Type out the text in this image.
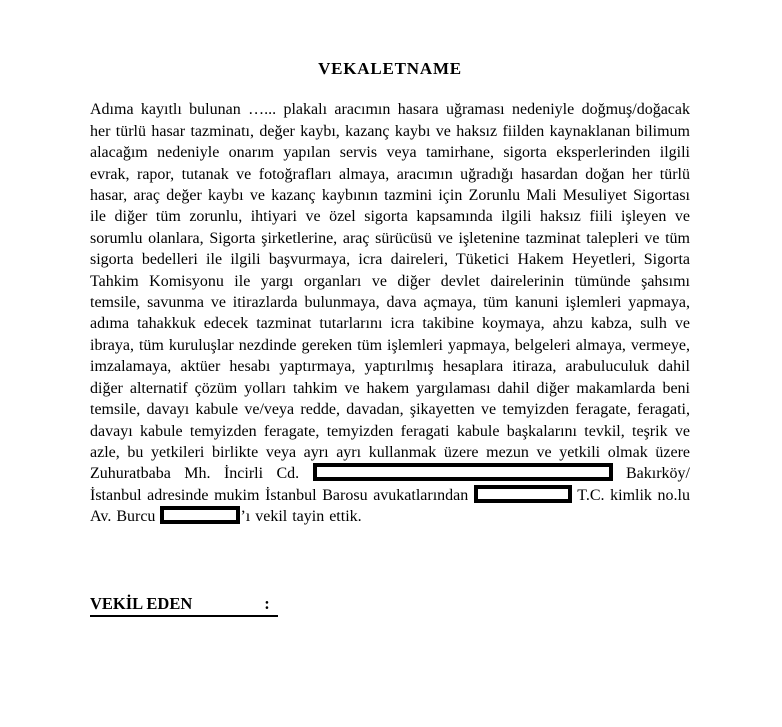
VEKALETNAME

Adıma kayıtlı bulunan …... plakalı aracımın hasara uğraması nedeniyle doğmuş/doğacak her türlü hasar tazminatı, değer kaybı, kazanç kaybı ve haksız fiilden kaynaklanan bilimum alacağım nedeniyle onarım yapılan servis veya tamirhane, sigorta eksperlerinden ilgili evrak, rapor, tutanak ve fotoğrafları almaya, aracımın uğradığı hasardan doğan her türlü hasar, araç değer kaybı ve kazanç kaybının tazmini için Zorunlu Mali Mesuliyet Sigortası ile diğer tüm zorunlu, ihtiyari ve özel sigorta kapsamında ilgili haksız fiili işleyen ve sorumlu olanlara, Sigorta şirketlerine, araç sürücüsü ve işletenine tazminat talepleri ve tüm sigorta bedelleri ile ilgili başvurmaya, icra daireleri, Tüketici Hakem Heyetleri, Sigorta Tahkim Komisyonu ile yargı organları ve diğer devlet dairelerinin tümünde şahsımı temsile, savunma ve itirazlarda bulunmaya, dava açmaya, tüm kanuni işlemleri yapmaya, adıma tahakkuk edecek tazminat tutarlarını icra takibine koymaya, ahzu kabza, sulh ve ibraya, tüm kuruluşlar nezdinde gereken tüm işlemleri yapmaya, belgeleri almaya, vermeye, imzalamaya, aktüer hesabı yaptırmaya, yaptırılmış hesaplara itiraza, arabuluculuk dahil diğer alternatif çözüm yolları tahkim ve hakem yargılaması dahil diğer makamlarda beni temsile, davayı kabule ve/veya redde, davadan, şikayetten ve temyizden feragate, feragati, davayı kabule temyizden feragate, temyizden feragati kabule başkalarını tevkil, teşrik ve azle, bu yetkileri birlikte veya ayrı ayrı kullanmak üzere mezun ve yetkili olmak üzere Zuhuratbaba Mh. İncirli Cd.	Bakırköy/İstanbul adresinde mukim İstanbul Barosu avukatlarından	T.C. kimlik no.lu Av. Burcu	’ı vekil tayin ettik.

VEKİL EDEN	:
